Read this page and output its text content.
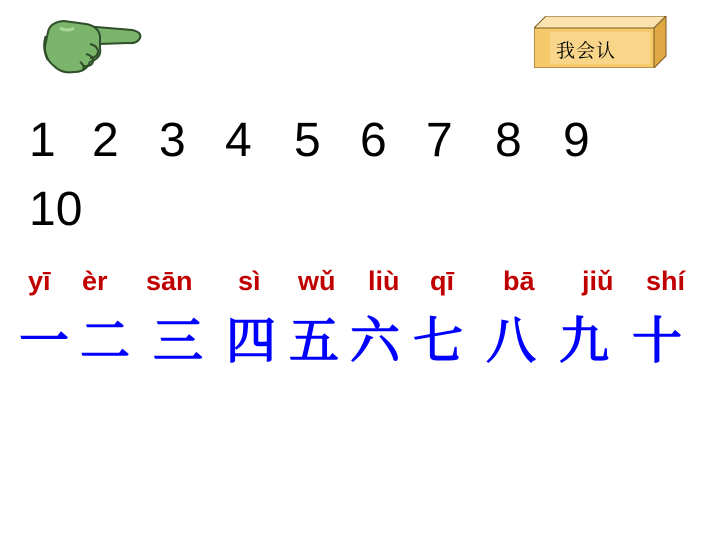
我会认
1 2 3 4 5 6 7 8 9
10
yī èr sān sì wǔ liù qī bā jiǔ shí
一 二 三 四 五 六 七 八 九 十
